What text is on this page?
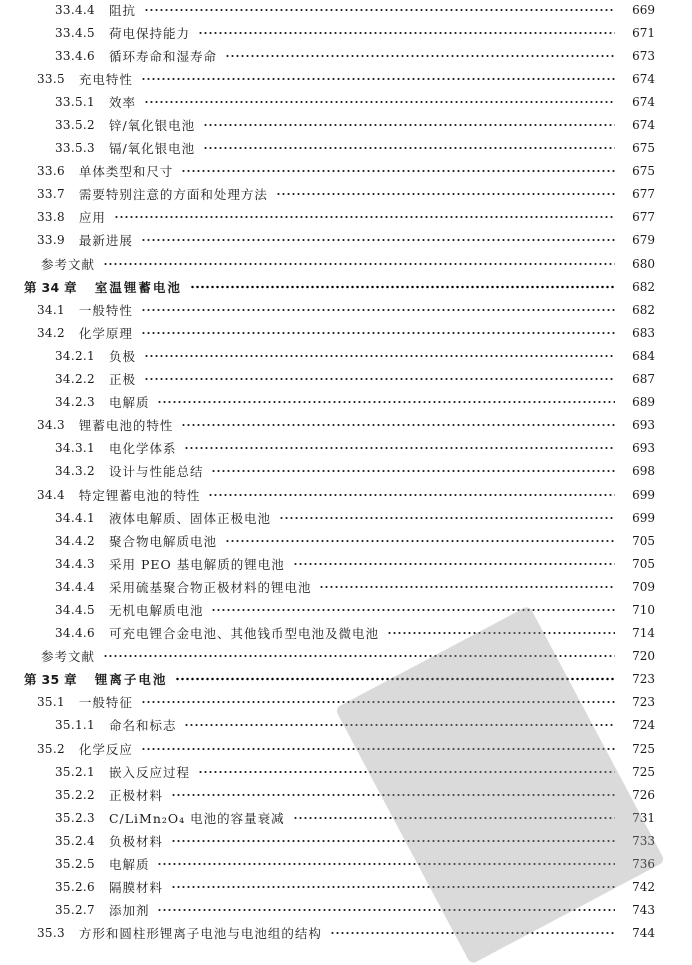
33.4.4 阻抗	669
33.4.5 荷电保持能力	671
33.4.6 循环寿命和湿寿命	673
33.5 充电特性	674
33.5.1 效率	674
33.5.2 锌/氧化银电池	674
33.5.3 镉/氧化银电池	675
33.6 单体类型和尺寸	675
33.7 需要特别注意的方面和处理方法	677
33.8 应用	677
33.9 最新进展	679
参考文献	680
第 34 章 室温锂蓄电池	682
34.1 一般特性	682
34.2 化学原理	683
34.2.1 负极	684
34.2.2 正极	687
34.2.3 电解质	689
34.3 锂蓄电池的特性	693
34.3.1 电化学体系	693
34.3.2 设计与性能总结	698
34.4 特定锂蓄电池的特性	699
34.4.1 液体电解质、固体正极电池	699
34.4.2 聚合物电解质电池	705
34.4.3 采用 PEO 基电解质的锂电池	705
34.4.4 采用硫基聚合物正极材料的锂电池	709
34.4.5 无机电解质电池	710
34.4.6 可充电锂合金电池、其他钱币型电池及微电池	714
参考文献	720
第 35 章 锂离子电池	723
35.1 一般特征	723
35.1.1 命名和标志	724
35.2 化学反应	725
35.2.1 嵌入反应过程	725
35.2.2 正极材料	726
35.2.3 C/LiMn₂O₄ 电池的容量衰减	731
35.2.4 负极材料	733
35.2.5 电解质	736
35.2.6 隔膜材料	742
35.2.7 添加剂	743
35.3 方形和圆柱形锂离子电池与电池组的结构	744
